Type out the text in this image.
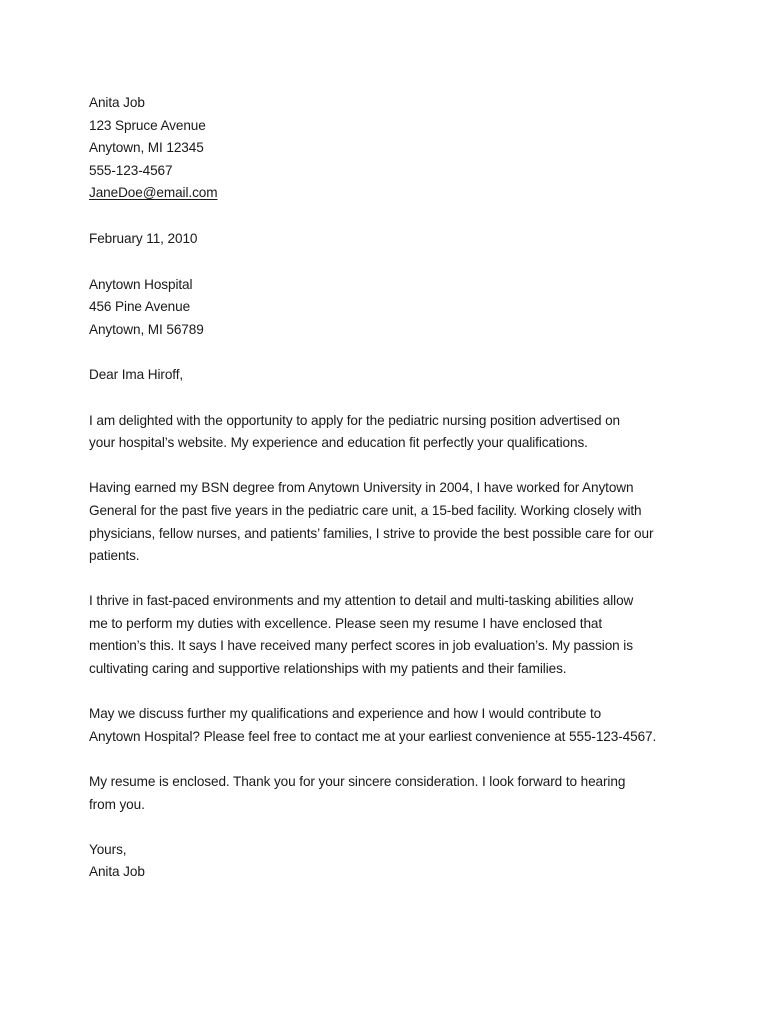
Anita Job
123 Spruce Avenue
Anytown, MI 12345
555-123-4567
JaneDoe@email.com
February 11, 2010
Anytown Hospital
456 Pine Avenue
Anytown, MI 56789
Dear Ima Hiroff,
I am delighted with the opportunity to apply for the pediatric nursing position advertised on
your hospital’s website. My experience and education fit perfectly your qualifications.
Having earned my BSN degree from Anytown University in 2004, I have worked for Anytown
General for the past five years in the pediatric care unit, a 15-bed facility. Working closely with
physicians, fellow nurses, and patients’ families, I strive to provide the best possible care for our
patients.
I thrive in fast-paced environments and my attention to detail and multi-tasking abilities allow
me to perform my duties with excellence. Please seen my resume I have enclosed that
mention’s this. It says I have received many perfect scores in job evaluation’s. My passion is
cultivating caring and supportive relationships with my patients and their families.
May we discuss further my qualifications and experience and how I would contribute to
Anytown Hospital? Please feel free to contact me at your earliest convenience at 555-123-4567.
My resume is enclosed. Thank you for your sincere consideration. I look forward to hearing
from you.
Yours,
Anita Job
